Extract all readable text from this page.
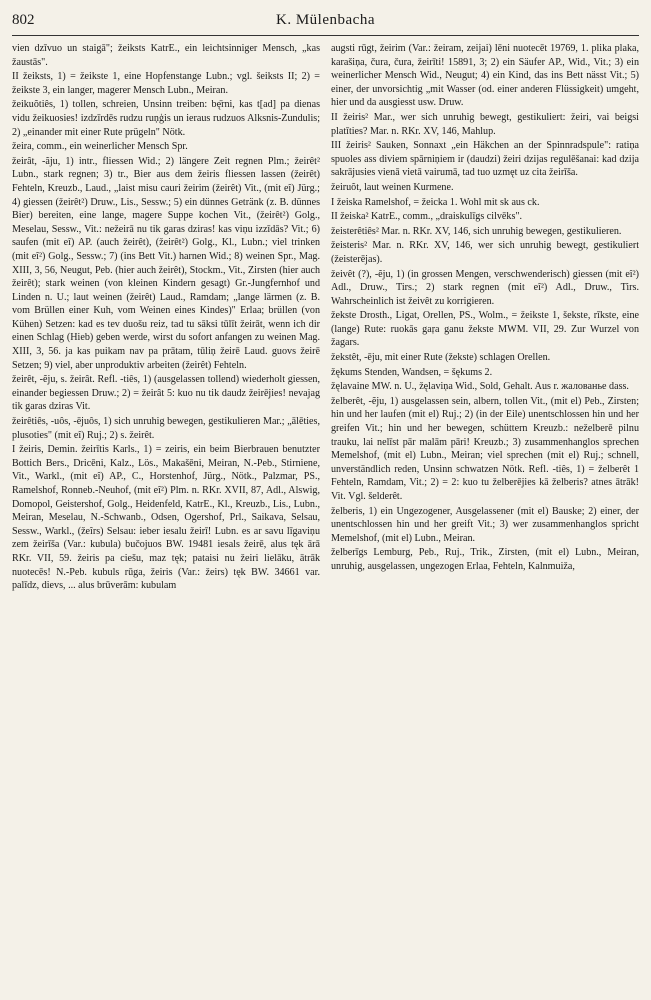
802	K. Mülenbacha

vien dzīvuo un staigā"; žeiksts KatrE., ein leichtsinniger Mensch, „kas žaustās".

II žeiksts, 1) = žeikste 1, eine Hopfenstange Lubn.; vgl. šeiksts II; 2) = žeikste 3, ein langer, magerer Mensch Lubn., Meiran.

žeikuõtiês, 1) tollen, schreien, Unsinn treiben: bę̄rni, kas t[ad] pa dienas vidu žeikuosies! izdzīrdēs rudzu ruņģis un ieraus rudzuos Alksnis-Zundulis; 2) „einander mit einer Rute prügeln" Nötk.

žeira, comm., ein weinerlicher Mensch Spr.

žeirât, -ãju, 1) intr., fliessen Wid.; 2) längere Zeit regnen Plm.; žeirêt² Lubn., stark regnen; 3) tr., Bier aus dem žeiris fliessen lassen (žeirêt) Fehteln, Kreuzb., Laud., „laist misu cauri žeirim (žeirêt) Vit., (mit eî) Jürg.; 4) giessen (žeirêt²) Druw., Lis., Sessw.; 5) ein dünnes Getränk (z. B. dünnes Bier) bereiten, eine lange, magere Suppe kochen Vit., (žeirêt²) Golg., Meselau, Sessw., Vit.: nežeirā nu tik garas dziras! kas viņu izzīdās? Vit.; 6) saufen (mit eî) AP. (auch žeirêt), (žeirêt²) Golg., Kl., Lubn.; viel trinken (mit eî²) Golg., Sessw.; 7) (ins Bett Vit.) harnen Wid.; 8) weinen Spr., Mag. XIII, 3, 56, Neugut, Peb. (hier auch žeirêt), Stockm., Vit., Zirsten (hier auch žeirêt); stark weinen (von kleinen Kindern gesagt) Gr.-Jungfernhof und Linden n. U.; laut weinen (žeirêt) Laud., Ramdam; „lange lärmen (z. B. vom Brüllen einer Kuh, vom Weinen eines Kindes)" Erlaa; brüllen (von Kühen) Setzen: kad es tev duošu reiz, tad tu sāksi tūlīt žeirāt, wenn ich dir einen Schlag (Hieb) geben werde, wirst du sofort anfangen zu weinen Mag. XIII, 3, 56. ja kas puikam nav pa prātam, tūliņ žeirē Laud. guovs žeirē Setzen; 9) viel, aber unproduktiv arbeiten (žeirêt) Fehteln.

žeirêt, -ẽju, s. žeirât. Refl. -tiês, 1) (ausgelassen tollend) wiederholt giessen, einander begiessen Druw.; 2) = žeirât 5: kuo nu tik daudz žeirējies! nevajag tik garas dziras Vit.

žeirêtiês, -uôs, -ējuôs, 1) sich unruhig bewegen, gestikulieren Mar.; „ālēties, plusoties" (mit eî) Ruj.; 2) s. žeirêt.

I žeiris, Demin. žeirītis Karls., 1) = zeiris, ein beim Bierbrauen benutzter Bottich Bers., Dricēni, Kalz., Lös., Makašēni, Meiran, N.-Peb., Stirniene, Vit., Warkl., (mit eî) AP., C., Horstenhof, Jürg., Nötk., Palzmar, PS., Ramelshof, Ronneb.-Neuhof, (mit eî²) Plm. n. RKr. XVII, 87, Adl., Alswig, Domopol, Geistershof, Golg., Heidenfeld, KatrE., Kl., Kreuzb., Lis., Lubn., Meiran, Meselau, N.-Schwanb., Odsen, Ogershof, Prl., Saikava, Selsau, Sessw., Warkl., (žeîrs) Selsau: ieber iesalu žeirī! Lubn. es ar savu līgaviņu zem žeirīša (Var.: kubula) bučojuos BW. 19481 iesals žeirē, alus tęk ārā RKr. VII, 59. žeiris pa ciešu, maz tęk; pataisi nu žeiri lielāku, ātrāk nuotecēs! N.-Peb. kubuls rūga, žeiris (Var.: žeirs) tęk BW. 34661 var. palīdz, dievs, ... alus brūverām: kubulam

augsti rūgt, žeirim (Var.: žeiram, zeijai) lēni nuotecēt 19769, 1. plika plaka, karašiņa, čura, čura, žeirīti! 15891, 3; 2) ein Säufer AP., Wid., Vit.; 3) ein weinerlicher Mensch Wid., Neugut; 4) ein Kind, das ins Bett nässt Vit.; 5) einer, der unvorsichtig „mit Wasser (od. einer anderen Flüssigkeit) umgeht, hier und da ausgiesst usw. Druw.

II žeiris² Mar., wer sich unruhig bewegt, gestikuliert: žeiri, vai beigsi platīties? Mar. n. RKr. XV, 146, Mahlup.

III žeiris² Sauken, Sonnaxt „ein Häkchen an der Spinnradspule": ratiņa spuoles ass diviem spārniņiem ir (daudzi) žeiri dzijas regulēšanai: kad dzija sakrājusies vienā vietā vairumā, tad tuo uzmęt uz cita žeirīša.

žeiruõt, laut weinen Kurmene.

I žeiska Ramelshof, = žeicka 1. Wohl mit sk aus ck.

II žeiska² KatrE., comm., „draiskulīgs cilvēks".

žeisterêtiês² Mar. n. RKr. XV, 146, sich unruhig bewegen, gestikulieren.

žeisteris² Mar. n. RKr. XV, 146, wer sich unruhig bewegt, gestikuliert (žeisterējas).

žeivêt (?), -ẽju, 1) (in grossen Mengen, verschwenderisch) giessen (mit eî²) Adl., Druw., Tirs.; 2) stark regnen (mit eî²) Adl., Druw., Tirs. Wahrscheinlich ist žeivêt zu korrigieren.

žekste Drosth., Ligat, Orellen, PS., Wolm., = žeikste 1, šekste, rīkste, eine (lange) Rute: ruokās gaŗa ganu žekste MWM. VII, 29. Zur Wurzel von žagars.

žekstêt, -ēju, mit einer Rute (žekste) schlagen Orellen.

žękums Stenden, Wandsen, = šękums 2.

žęlavaine MW. n. U., žęlaviņa Wid., Sold, Gehalt. Aus r. жалованье dass.

želberêt, -ẽju, 1) ausgelassen sein, albern, tollen Vit., (mit el) Peb., Zirsten; hin und her laufen (mit el) Ruj.; 2) (in der Eile) unentschlossen hin und her greifen Vit.; hin und her bewegen, schüttern Kreuzb.: neželberē pilnu trauku, lai nelīst pār malām pāri! Kreuzb.; 3) zusammenhanglos sprechen Memelshof, (mit el) Lubn., Meiran; viel sprechen (mit el) Ruj.; schnell, unverständlich reden, Unsinn schwatzen Nötk. Refl. -tiês, 1) = želberêt 1 Fehteln, Ramdam, Vit.; 2) = 2: kuo tu želberējies kā želberis? atnes ātrāk! Vit. Vgl. šelderêt.

želberis, 1) ein Ungezogener, Ausgelassener (mit el) Bauske; 2) einer, der unentschlossen hin und her greift Vit.; 3) wer zusammenhanglos spricht Memelshof, (mit el) Lubn., Meiran.

želberīgs Lemburg, Peb., Ruj., Trik., Zirsten, (mit el) Lubn., Meiran, unruhig, ausgelassen, ungezogen Erlaa, Fehteln, Kalnmuiža,
